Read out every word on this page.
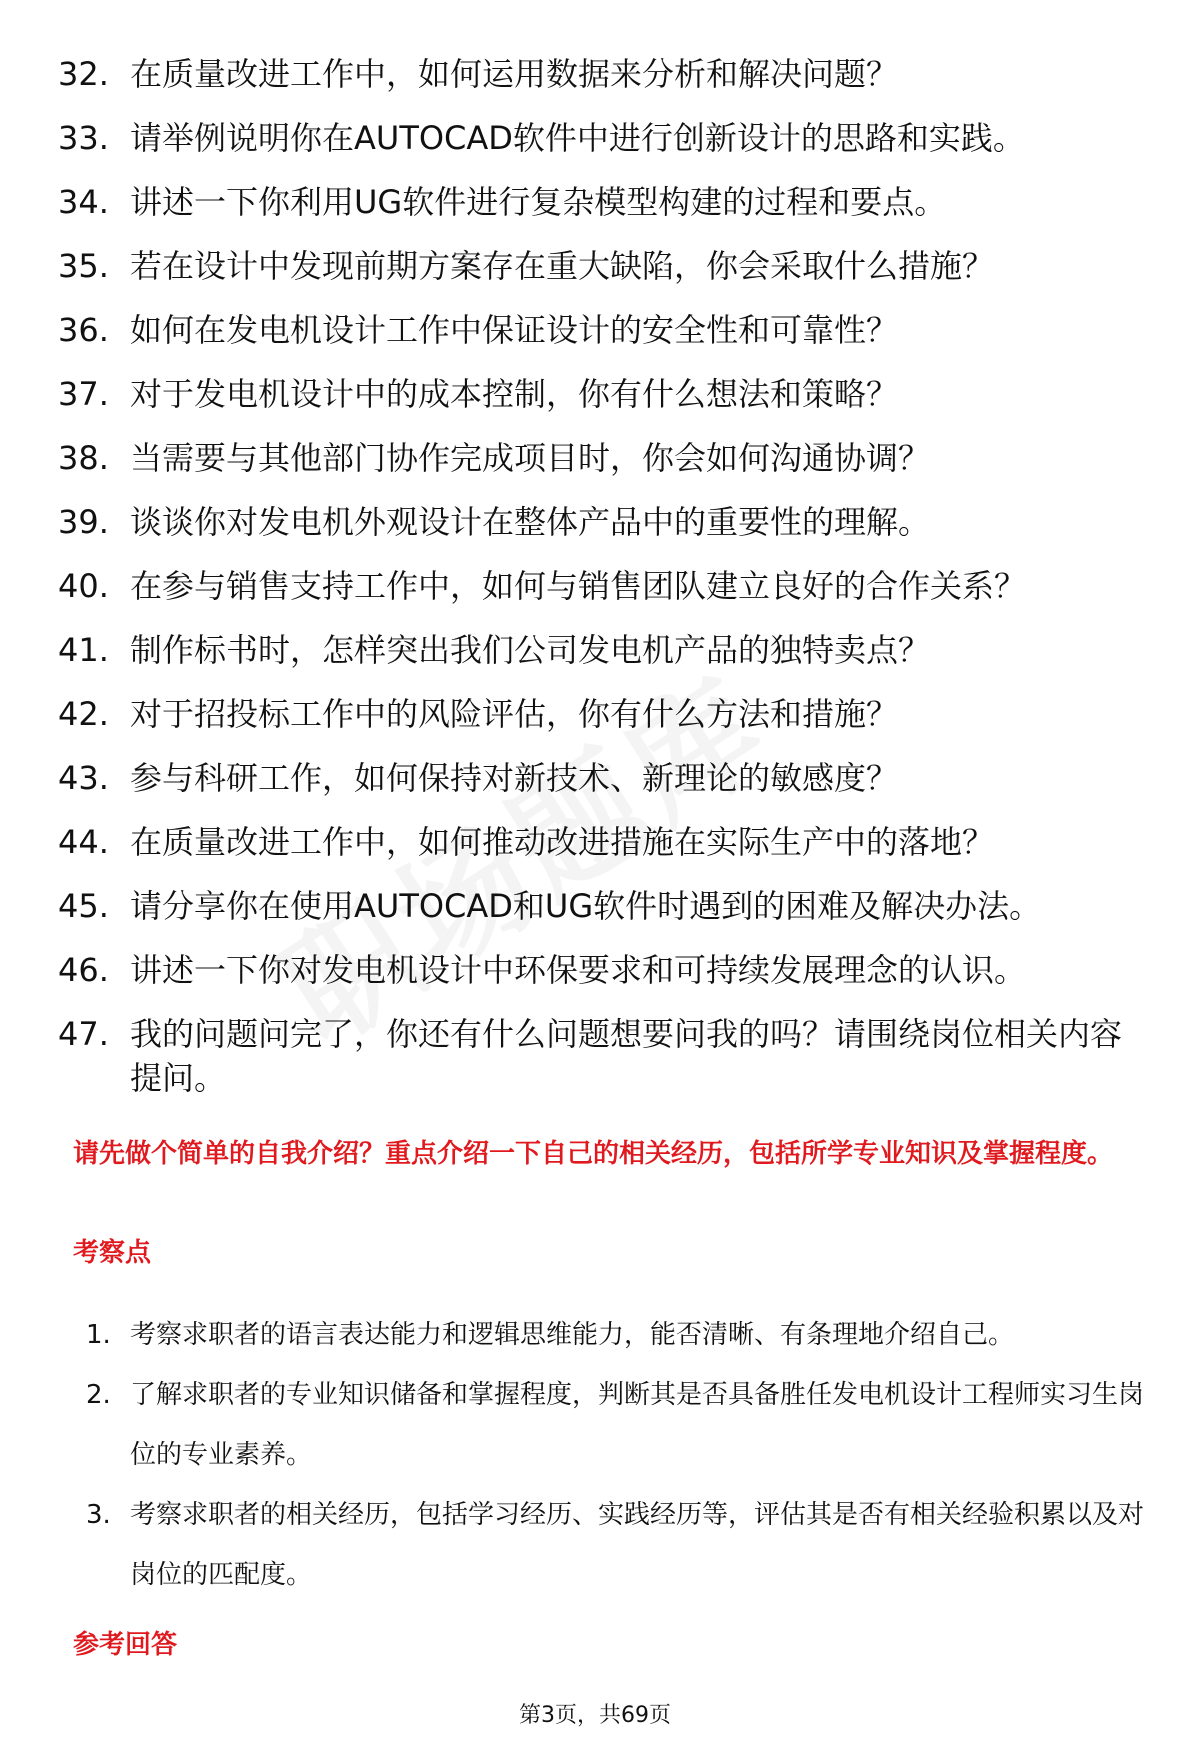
32. 在质量改进工作中，如何运用数据来分析和解决问题？
33. 请举例说明你在AUTOCAD软件中进行创新设计的思路和实践。
34. 讲述一下你利用UG软件进行复杂模型构建的过程和要点。
35. 若在设计中发现前期方案存在重大缺陷，你会采取什么措施？
36. 如何在发电机设计工作中保证设计的安全性和可靠性？
37. 对于发电机设计中的成本控制，你有什么想法和策略？
38. 当需要与其他部门协作完成项目时，你会如何沟通协调？
39. 谈谈你对发电机外观设计在整体产品中的重要性的理解。
40. 在参与销售支持工作中，如何与销售团队建立良好的合作关系？
41. 制作标书时，怎样突出我们公司发电机产品的独特卖点？
42. 对于招投标工作中的风险评估，你有什么方法和措施？
43. 参与科研工作，如何保持对新技术、新理论的敏感度？
44. 在质量改进工作中，如何推动改进措施在实际生产中的落地？
45. 请分享你在使用AUTOCAD和UG软件时遇到的困难及解决办法。
46. 讲述一下你对发电机设计中环保要求和可持续发展理念的认识。
47. 我的问题问完了，你还有什么问题想要问我的吗？请围绕岗位相关内容提问。
请先做个简单的自我介绍？重点介绍一下自己的相关经历，包括所学专业知识及掌握程度。
考察点
1. 考察求职者的语言表达能力和逻辑思维能力，能否清晰、有条理地介绍自己。
2. 了解求职者的专业知识储备和掌握程度，判断其是否具备胜任发电机设计工程师实习生岗位的专业素养。
3. 考察求职者的相关经历，包括学习经历、实践经历等，评估其是否有相关经验积累以及对岗位的匹配度。
参考回答
第3页，共69页
